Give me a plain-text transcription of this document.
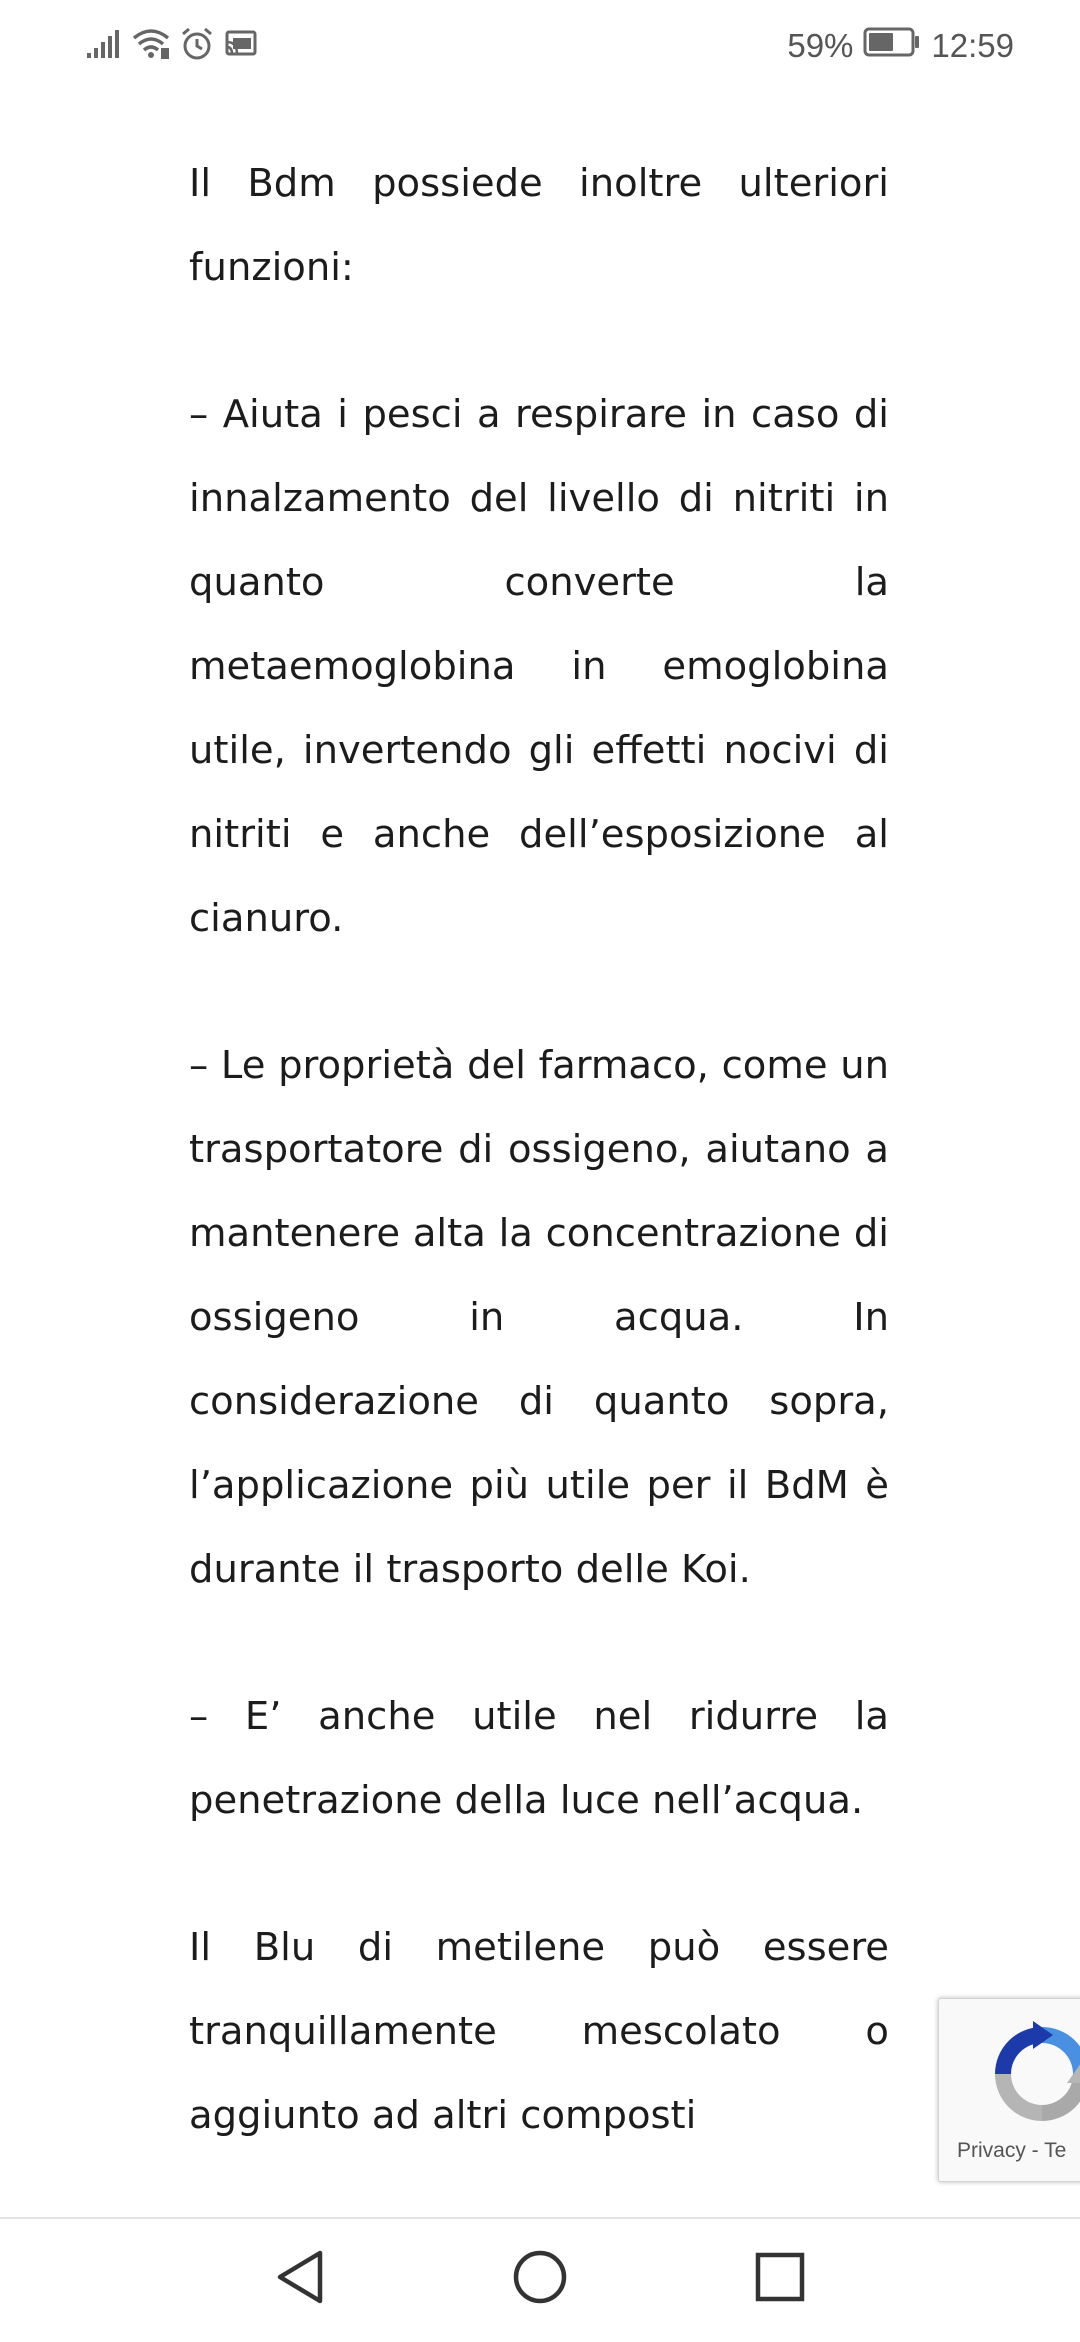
59% 12:59

Il Bdm possiede inoltre ulteriori funzioni:

– Aiuta i pesci a respirare in caso di innalzamento del livello di nitriti in quanto converte la metaemoglobina in emoglobina utile, invertendo gli effetti nocivi di nitriti e anche dell’esposizione al cianuro.

– Le proprietà del farmaco, come un trasportatore di ossigeno, aiutano a mantenere alta la concentrazione di ossigeno in acqua. In considerazione di quanto sopra, l’applicazione più utile per il BdM è durante il trasporto delle Koi.

– E’ anche utile nel ridurre la penetrazione della luce nell’acqua.

Il Blu di metilene può essere tranquillamente mescolato o aggiunto ad altri composti

Privacy - Te
